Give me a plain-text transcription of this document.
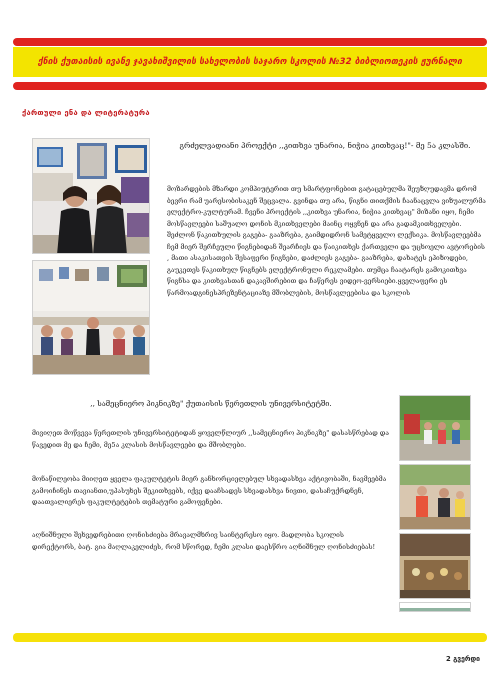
ქნის ქუთაისის ივანე ჯავახიშვილის სახელობის საჯარო სკოლის №32 ბიბლიოთეკის ჟურნალი
ქართული ენა და ლიტერატურა
გრძელვადიანი პროექტი ,,კითხვა უნარია, ნიჭია კითხვაც!"- მე 5ა კლასში.
მოზარდების მზარდი კომპიუტერით თუ სმარტფონებით გატაცებულმა შეუზღუდავმა დრომ ბევრი რამ უარესობისაკენ შეცვალა. გვინდა თუ არა, წიგნი თითქმის ჩაანაცვლა ვიზუალურმა ელექტრო-კულტურამ. ჩვენი პროექტის ,,კითხვა უნარია, ნიჭია კითხვაც" მიზანი იყო, ჩემი მოსწავლეები საშუალო დონის მკითხველები მაინც ოყვნენ და არა გადამკითხველები. შეძლონ წაკითხულის გაგება- გააზრება, გაიმდიდრონ სამეტყველო ლექსიკა. მოსწავლეებმა ჩემ მიერ შერჩეული წიგნებიდან შეარჩიეს და წაიკითხეს ქართველი და უცხოელი ავტორების , მათი ასაკისათვის შესაფერი წიგნები, დაძლიეს გაგება- გააზრება, დახატეს ეპიზოდები, გაუკეთეს წაკითხულ წიგნებს ელექტრონული რეკლამები. თუმცა ჩაატარეს გამოკითხვა წიგნსა და კითხვასთან დაკავშირებით და ჩაწერეს ვიდეო-ვერსიები.ყველაფერი ეს წარმოადგინესპრეზენტაციაზე მშობლების, მოსწავლეებისა და სკოლის
,, სამეცნიერო პიკნიკზე" ქუთაისის წერეთლის უნივერსიტეტში.
მივიღეთ მოწვევა წერეთლის უნივერსიტეტიდან ყოველწლიურ ,,სამეცნიერო პიკნიკზე" დასასწრებად და წავედით მე და ჩემი, მე5ა კლასის მოსწავლეები და მშობლები.
მონაწილეობა მიიღეთ ყველა ფაკულტეტის მიერ განხორციელებულ სხვადასხვა აქტივობაში, ნავმეებმა გამოიჩინეს თავიანთი,უპასუხეს შეკითხვებს, იქვე დააჩსადეს სხვადასხვა ნივთი, დასაჩუქრდნენ, დაათვალიერეს ფაკულტეტების თემატური გამოფენები.
აღნიშნული შეხვედრებითი ღონისძიება მრავალმხრივ საინტერესო იყო. მადლობა სკოლის დირექტორს, ბატ. გია მაღლაკელიძეს, რომ სწორედ, ჩემი კლასი დაესწრო აღნიშნულ ღონისძიებას!
2 გვერდი
